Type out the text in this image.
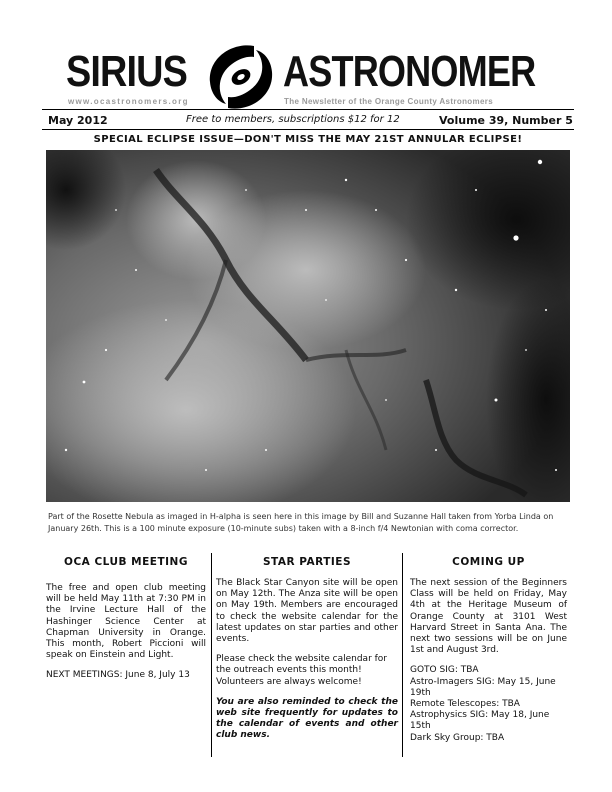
SIRIUS ASTRONOMER
www.ocastronomers.org	The Newsletter of the Orange County Astronomers
May 2012	Free to members, subscriptions $12 for 12	Volume 39, Number 5
SPECIAL ECLIPSE ISSUE—DON'T MISS THE MAY 21ST ANNULAR ECLIPSE!
Part of the Rosette Nebula as imaged in H-alpha is seen here in this image by Bill and Suzanne Hall taken from Yorba Linda on January 26th. This is a 100 minute exposure (10-minute subs) taken with a 8-inch f/4 Newtonian with coma corrector.
OCA CLUB MEETING

The free and open club meeting will be held May 11th at 7:30 PM in the Irvine Lecture Hall of the Hashinger Science Center at Chapman University in Orange. This month, Robert Piccioni will speak on Einstein and Light.

NEXT MEETINGS: June 8, July 13

STAR PARTIES

The Black Star Canyon site will be open on May 12th. The Anza site will be open on May 19th. Members are encouraged to check the website calendar for the latest updates on star parties and other events.

Please check the website calendar for the outreach events this month! Volunteers are always welcome!

You are also reminded to check the web site frequently for updates to the calendar of events and other club news.

COMING UP

The next session of the Beginners Class will be held on Friday, May 4th at the Heritage Museum of Orange County at 3101 West Harvard Street in Santa Ana. The next two sessions will be on June 1st and August 3rd.

GOTO SIG: TBA
Astro-Imagers SIG: May 15, June 19th
Remote Telescopes: TBA
Astrophysics SIG: May 18, June 15th
Dark Sky Group: TBA
